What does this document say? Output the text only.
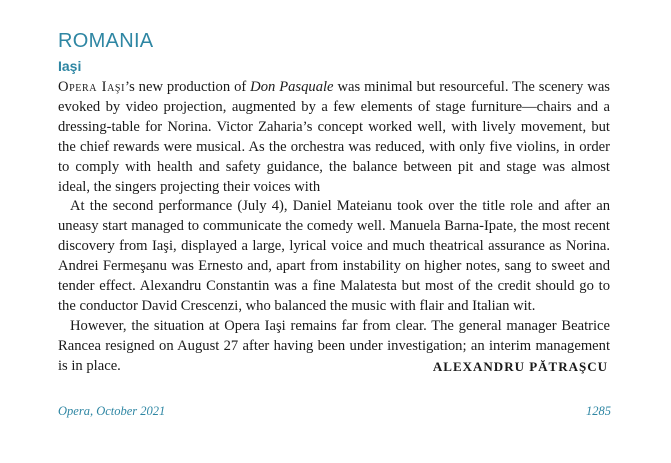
ROMANIA
Iaşi

Opera Iaşi’s new production of Don Pasquale was minimal but resourceful. The scenery was evoked by video projection, augmented by a few elements of stage furniture—chairs and a dressing-table for Norina. Victor Zaharia’s concept worked well, with lively movement, but the chief rewards were musical. As the orchestra was reduced, with only five violins, in order to comply with health and safety guidance, the balance between pit and stage was almost ideal, the singers projecting their voices with

At the second performance (July 4), Daniel Mateianu took over the title role and after an uneasy start managed to communicate the comedy well. Manuela Barna-Ipate, the most recent discovery from Iaşi, displayed a large, lyrical voice and much theatrical assurance as Norina. Andrei Fermeşanu was Ernesto and, apart from instability on higher notes, sang to sweet and tender effect. Alexandru Constantin was a fine Malatesta but most of the credit should go to the conductor David Crescenzi, who balanced the music with flair and Italian wit.

However, the situation at Opera Iaşi remains far from clear. The general manager Beatrice Rancea resigned on August 27 after having been under investigation; an interim management is in place.	ALEXANDRU PĂTRAŞCU

Opera, October 2021	1285
